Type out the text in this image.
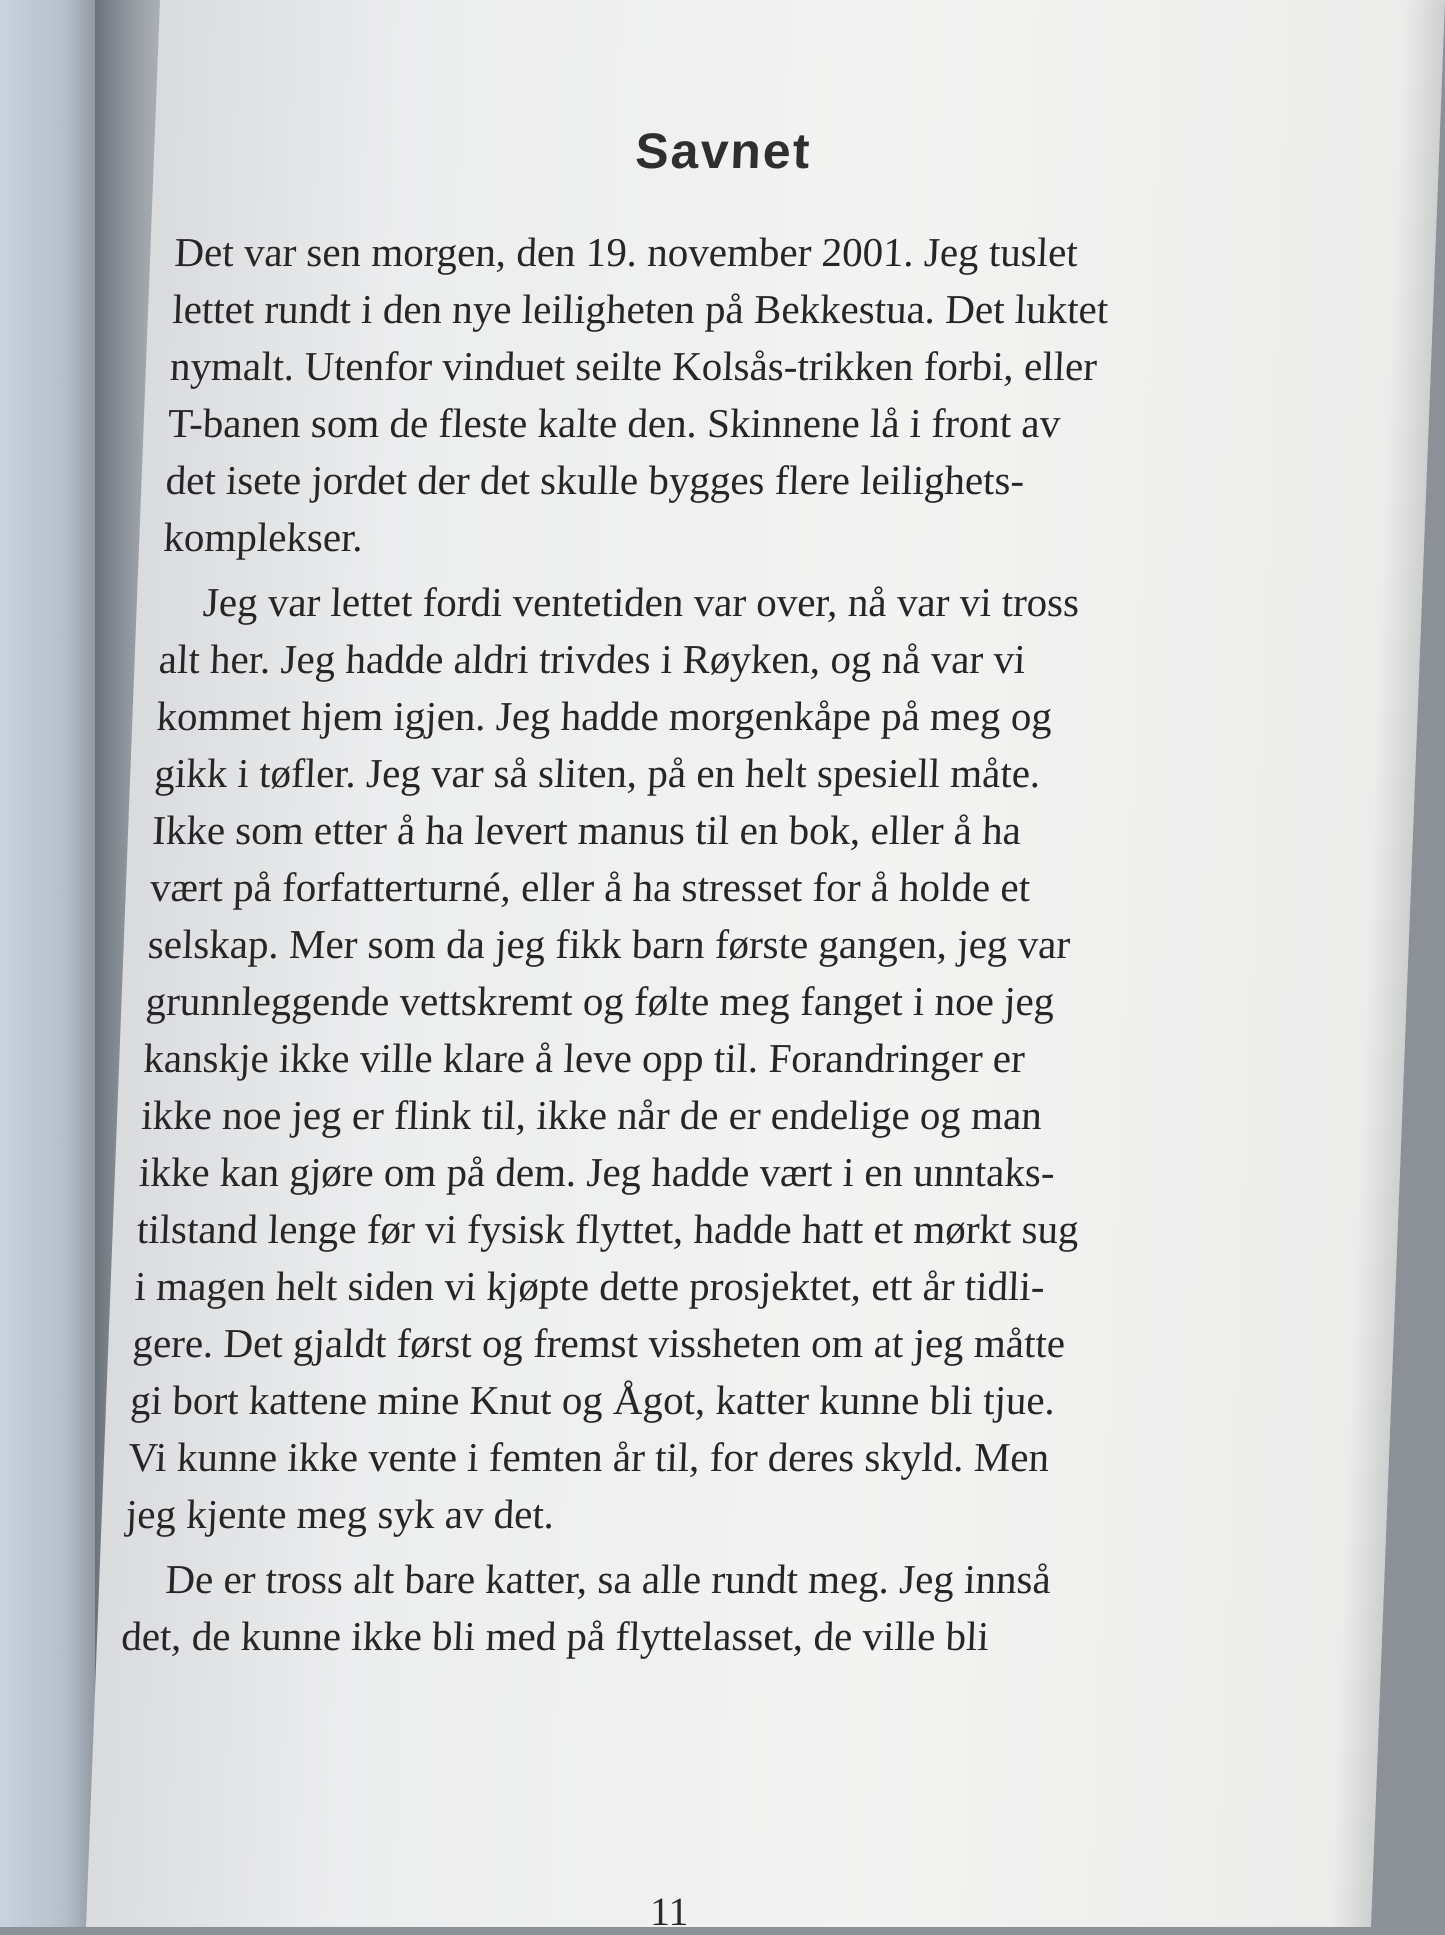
Savnet

Det var sen morgen, den 19. november 2001. Jeg tuslet
lettet rundt i den nye leiligheten på Bekkestua. Det luktet
nymalt. Utenfor vinduet seilte Kolsås-trikken forbi, eller
T-banen som de fleste kalte den. Skinnene lå i front av
det isete jordet der det skulle bygges flere leilighets-
komplekser.

Jeg var lettet fordi ventetiden var over, nå var vi tross
alt her. Jeg hadde aldri trivdes i Røyken, og nå var vi
kommet hjem igjen. Jeg hadde morgenkåpe på meg og
gikk i tøfler. Jeg var så sliten, på en helt spesiell måte.
Ikke som etter å ha levert manus til en bok, eller å ha
vært på forfatterturné, eller å ha stresset for å holde et
selskap. Mer som da jeg fikk barn første gangen, jeg var
grunnleggende vettskremt og følte meg fanget i noe jeg
kanskje ikke ville klare å leve opp til. Forandringer er
ikke noe jeg er flink til, ikke når de er endelige og man
ikke kan gjøre om på dem. Jeg hadde vært i en unntaks-
tilstand lenge før vi fysisk flyttet, hadde hatt et mørkt sug
i magen helt siden vi kjøpte dette prosjektet, ett år tidli-
gere. Det gjaldt først og fremst vissheten om at jeg måtte
gi bort kattene mine Knut og Ågot, katter kunne bli tjue.
Vi kunne ikke vente i femten år til, for deres skyld. Men
jeg kjente meg syk av det.

De er tross alt bare katter, sa alle rundt meg. Jeg innså
det, de kunne ikke bli med på flyttelasset, de ville bli

11
